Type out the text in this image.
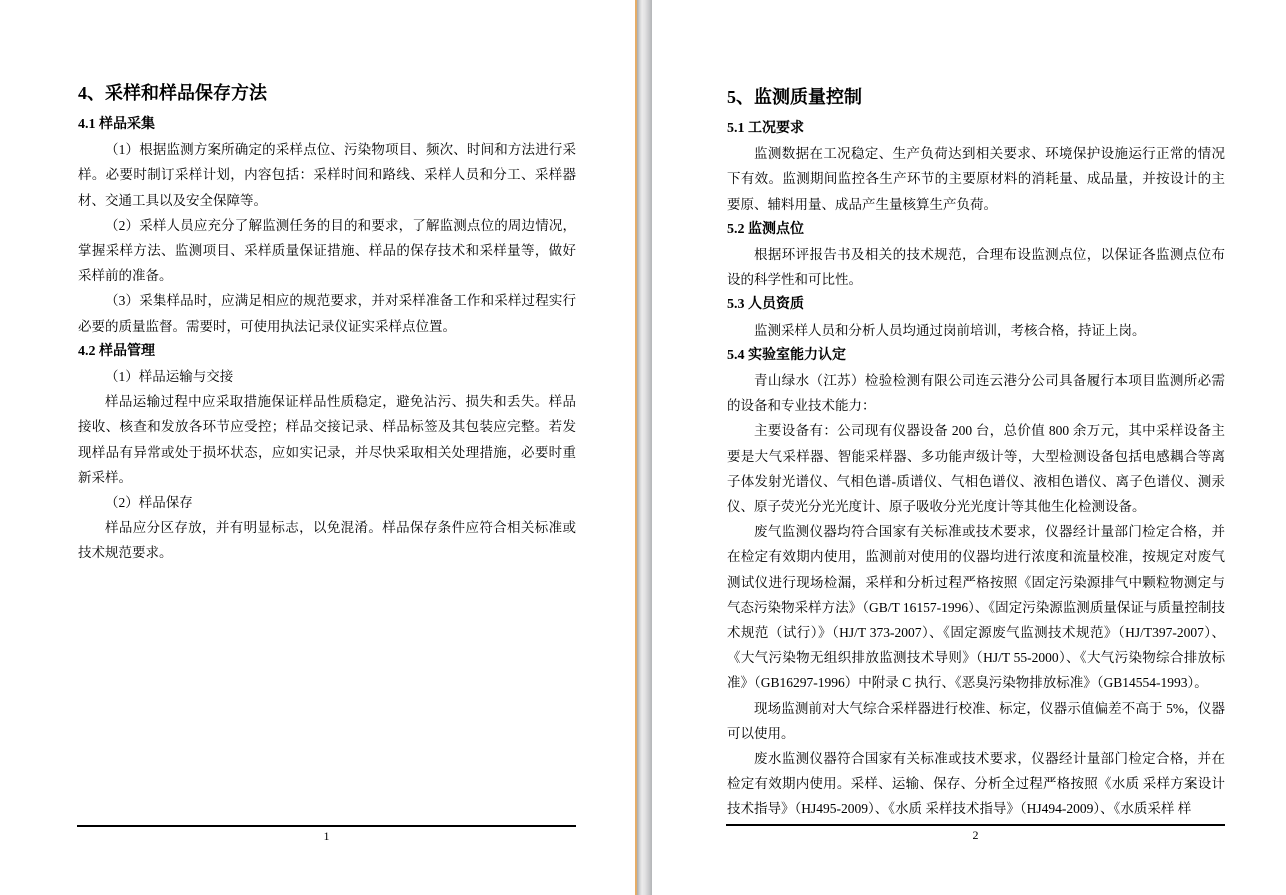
4、采样和样品保存方法
4.1 样品采集

（1）根据监测方案所确定的采样点位、污染物项目、频次、时间和方法进行采样。必要时制订采样计划，内容包括：采样时间和路线、采样人员和分工、采样器材、交通工具以及安全保障等。

（2）采样人员应充分了解监测任务的目的和要求，了解监测点位的周边情况，掌握采样方法、监测项目、采样质量保证措施、样品的保存技术和采样量等，做好采样前的准备。

（3）采集样品时，应满足相应的规范要求，并对采样准备工作和采样过程实行必要的质量监督。需要时，可使用执法记录仪证实采样点位置。

4.2 样品管理

（1）样品运输与交接

样品运输过程中应采取措施保证样品性质稳定，避免沾污、损失和丢失。样品接收、核查和发放各环节应受控；样品交接记录、样品标签及其包装应完整。若发现样品有异常或处于损坏状态，应如实记录，并尽快采取相关处理措施，必要时重新采样。

（2）样品保存

样品应分区存放，并有明显标志，以免混淆。样品保存条件应符合相关标准或技术规范要求。

1
5、监测质量控制
5.1 工况要求

监测数据在工况稳定、生产负荷达到相关要求、环境保护设施运行正常的情况下有效。监测期间监控各生产环节的主要原材料的消耗量、成品量，并按设计的主要原、辅料用量、成品产生量核算生产负荷。

5.2 监测点位

根据环评报告书及相关的技术规范，合理布设监测点位，以保证各监测点位布设的科学性和可比性。

5.3 人员资质

监测采样人员和分析人员均通过岗前培训，考核合格，持证上岗。

5.4 实验室能力认定

青山绿水（江苏）检验检测有限公司连云港分公司具备履行本项目监测所必需的设备和专业技术能力：

主要设备有：公司现有仪器设备 200 台，总价值 800 余万元，其中采样设备主要是大气采样器、智能采样器、多功能声级计等，大型检测设备包括电感耦合等离子体发射光谱仪、气相色谱-质谱仪、气相色谱仪、液相色谱仪、离子色谱仪、测汞仪、原子荧光分光光度计、原子吸收分光光度计等其他生化检测设备。

废气监测仪器均符合国家有关标准或技术要求，仪器经计量部门检定合格，并在检定有效期内使用，监测前对使用的仪器均进行浓度和流量校准，按规定对废气测试仪进行现场检漏，采样和分析过程严格按照《固定污染源排气中颗粒物测定与气态污染物采样方法》（GB/T 16157-1996）、《固定污染源监测质量保证与质量控制技术规范（试行）》（HJ/T 373-2007）、《固定源废气监测技术规范》（HJ/T397-2007）、《大气污染物无组织排放监测技术导则》（HJ/T 55-2000）、《大气污染物综合排放标准》（GB16297-1996）中附录 C 执行、《恶臭污染物排放标准》（GB14554-1993）。

现场监测前对大气综合采样器进行校准、标定，仪器示值偏差不高于 5%，仪器可以使用。

废水监测仪器符合国家有关标准或技术要求，仪器经计量部门检定合格，并在检定有效期内使用。采样、运输、保存、分析全过程严格按照《水质 采样方案设计技术指导》（HJ495-2009）、《水质 采样技术指导》（HJ494-2009）、《水质采样 样

2
